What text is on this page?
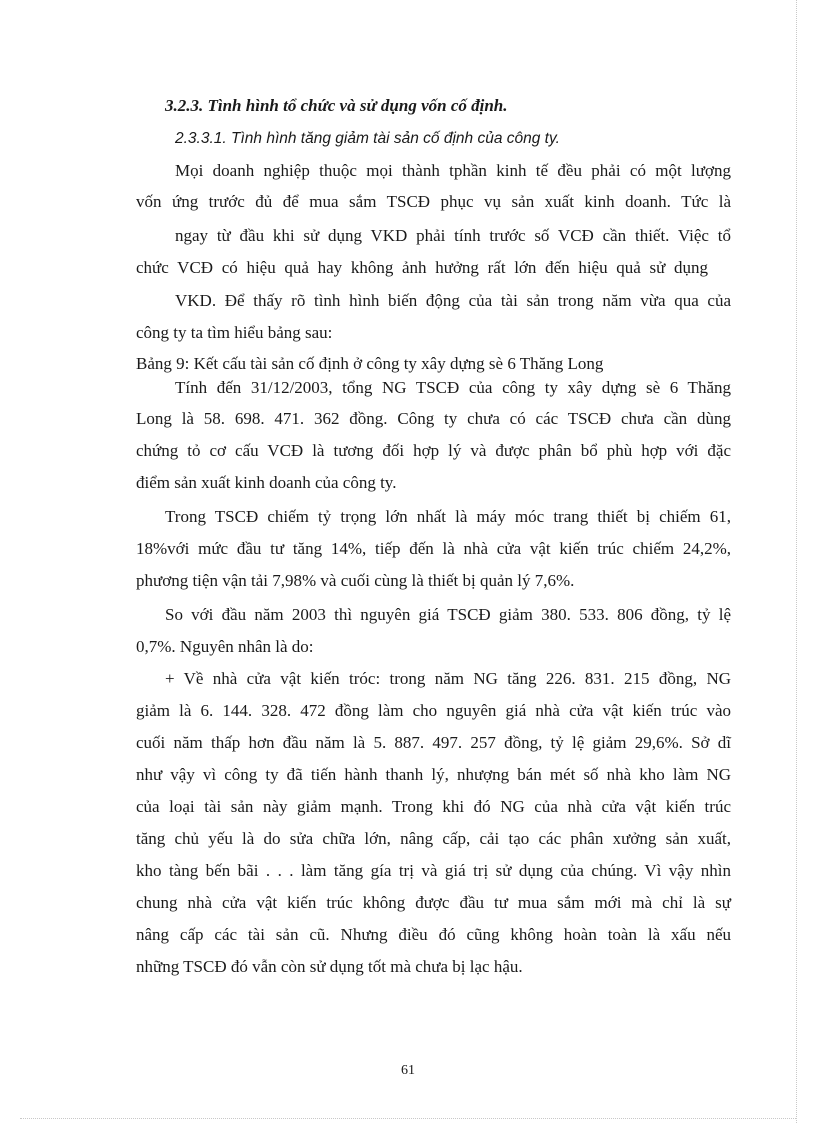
3.2.3. Tình hình tổ chức và sử dụng vốn cố định.
2.3.3.1. Tình hình tăng giảm tài sản cố định của công ty.
Mọi doanh nghiệp thuộc mọi thành tphần kinh tế đều phải có một lượng
vốn ứng trước đủ để mua sắm TSCĐ phục vụ sản xuất kinh doanh. Tức là
ngay từ đầu khi sử dụng VKD phải tính trước số VCĐ cần thiết. Việc tổ
chức VCĐ có hiệu quả hay không ảnh hưởng rất lớn đến hiệu quả sử dụng
VKD. Để thấy rõ tình hình biến động của tài sản trong năm vừa qua của
công ty ta tìm hiểu bảng sau:
Bảng 9: Kết cấu tài sản cố định ở công ty xây dựng sè 6 Thăng Long
Tính đến 31/12/2003, tổng NG TSCĐ của công ty xây dựng sè 6 Thăng
Long là 58. 698. 471. 362 đồng. Công ty chưa có các TSCĐ chưa cần dùng
chứng tỏ cơ cấu VCĐ là tương đối hợp lý và được phân bổ phù hợp với đặc
điểm sản xuất kinh doanh của công ty.
Trong TSCĐ chiếm tỷ trọng lớn nhất là máy móc trang thiết bị chiếm 61,
18%với mức đầu tư tăng 14%, tiếp đến là nhà cửa vật kiến trúc chiếm 24,2%,
phương tiện vận tải 7,98% và cuối cùng là thiết bị quản lý 7,6%.
So với đầu năm 2003 thì nguyên giá TSCĐ giảm 380. 533. 806 đồng, tỷ lệ
0,7%. Nguyên nhân là do:
+ Về nhà cửa vật kiến tróc: trong năm NG tăng 226. 831. 215 đồng, NG
giảm là 6. 144. 328. 472 đồng làm cho nguyên giá nhà cửa vật kiến trúc vào
cuối năm thấp hơn đầu năm là 5. 887. 497. 257 đồng, tỷ lệ giảm 29,6%. Sở dĩ
như vậy vì công ty đã tiến hành thanh lý, nhượng bán mét số nhà kho làm NG
của loại tài sản này giảm mạnh. Trong khi đó NG của nhà cửa vật kiến trúc
tăng chủ yếu là do sửa chữa lớn, nâng cấp, cải tạo các phân xưởng sản xuất,
kho tàng bến bãi . . . làm tăng gía trị và giá trị sử dụng của chúng. Vì vậy nhìn
chung nhà cửa vật kiến trúc không được đầu tư mua sắm mới mà chỉ là sự
nâng cấp các tài sản cũ. Nhưng điều đó cũng không hoàn toàn là xấu nếu
những TSCĐ đó vẫn còn sử dụng tốt mà chưa bị lạc hậu.
61
